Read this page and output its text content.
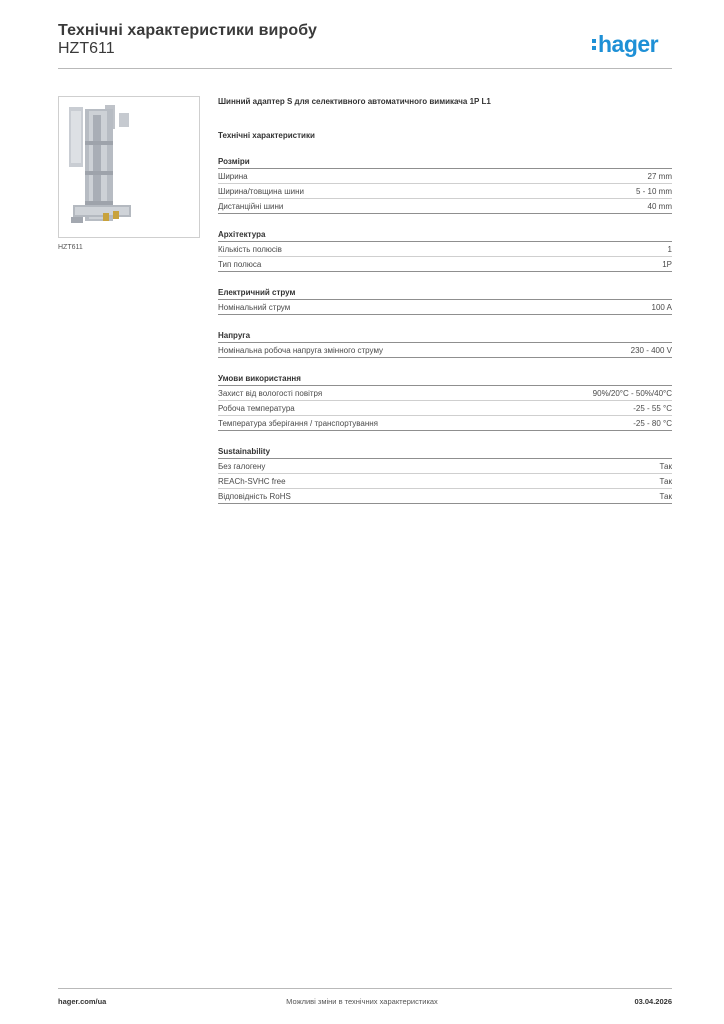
Технічні характеристики виробу
HZT611	hager
HZT611
Шинний адаптер S для селективного автоматичного вимикача 1P L1
Технічні характеристики
Розміри
Ширина	27 mm
Ширина/товщина шини	5 - 10 mm
Дистанційні шини	40 mm
Архітектура
Кількість полюсів	1
Тип полюса	1P
Електричний струм
Номінальний струм	100 A
Напруга
Номінальна робоча напруга змінного струму	230 - 400 V
Умови використання
Захист від вологості повітря	90%/20°C - 50%/40°C
Робоча температура	-25 - 55 °C
Температура зберігання / транспортування	-25 - 80 °C
Sustainability
Без галогену	Так
REACh-SVHC free	Так
Відповідність RoHS	Так
hager.com/ua	Можливі зміни в технічних характеристиках	03.04.2026
